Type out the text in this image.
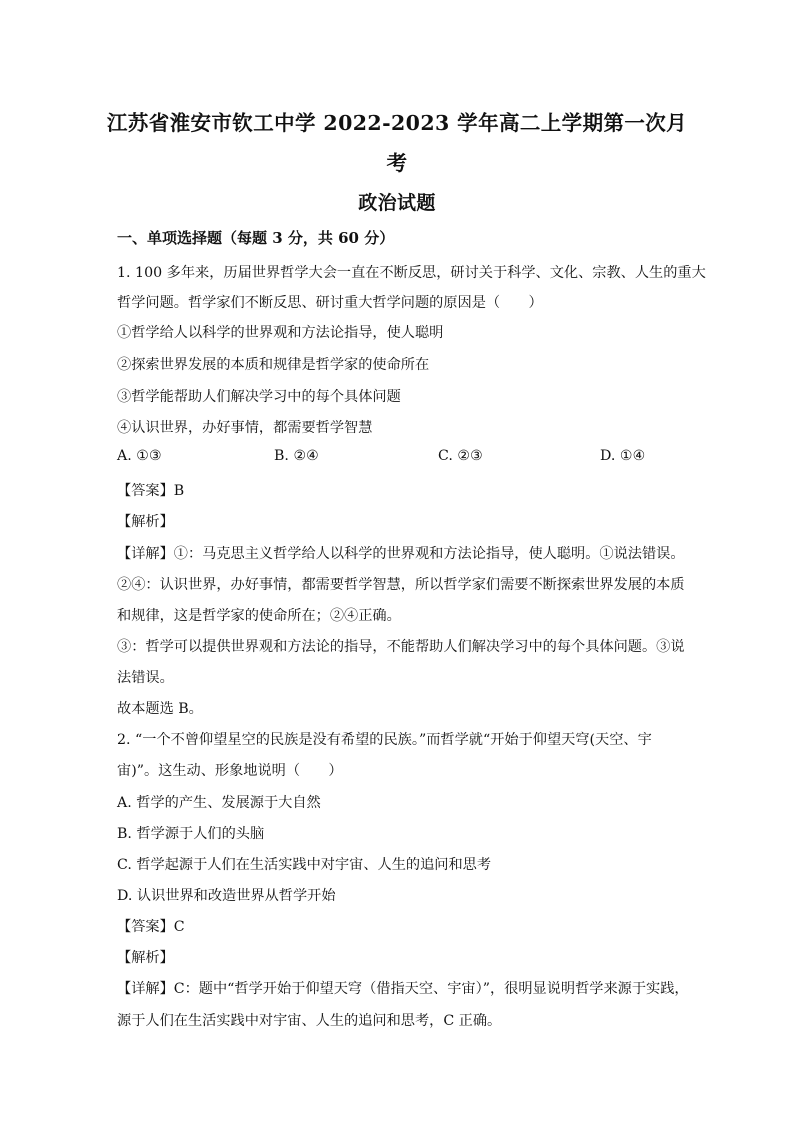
江苏省淮安市钦工中学 2022-2023 学年高二上学期第一次月
考
政治试题
一、单项选择题（每题 3 分，共 60 分）
1. 100 多年来，历届世界哲学大会一直在不断反思，研讨关于科学、文化、宗教、人生的重大
哲学问题。哲学家们不断反思、研讨重大哲学问题的原因是（　　）
①哲学给人以科学的世界观和方法论指导，使人聪明
②探索世界发展的本质和规律是哲学家的使命所在
③哲学能帮助人们解决学习中的每个具体问题
④认识世界，办好事情，都需要哲学智慧
A. ①③	B. ②④	C. ②③	D. ①④
【答案】B
【解析】
【详解】①：马克思主义哲学给人以科学的世界观和方法论指导，使人聪明。①说法错误。
②④：认识世界，办好事情，都需要哲学智慧，所以哲学家们需要不断探索世界发展的本质
和规律，这是哲学家的使命所在；②④正确。
③：哲学可以提供世界观和方法论的指导，不能帮助人们解决学习中的每个具体问题。③说
法错误。
故本题选 B。
2. “一个不曾仰望星空的民族是没有希望的民族。”而哲学就“开始于仰望天穹(天空、宇
宙)”。这生动、形象地说明（　　）
A. 哲学的产生、发展源于大自然
B. 哲学源于人们的头脑
C. 哲学起源于人们在生活实践中对宇宙、人生的追问和思考
D. 认识世界和改造世界从哲学开始
【答案】C
【解析】
【详解】C：题中“哲学开始于仰望天穹（借指天空、宇宙）”，很明显说明哲学来源于实践，
源于人们在生活实践中对宇宙、人生的追问和思考，C 正确。
